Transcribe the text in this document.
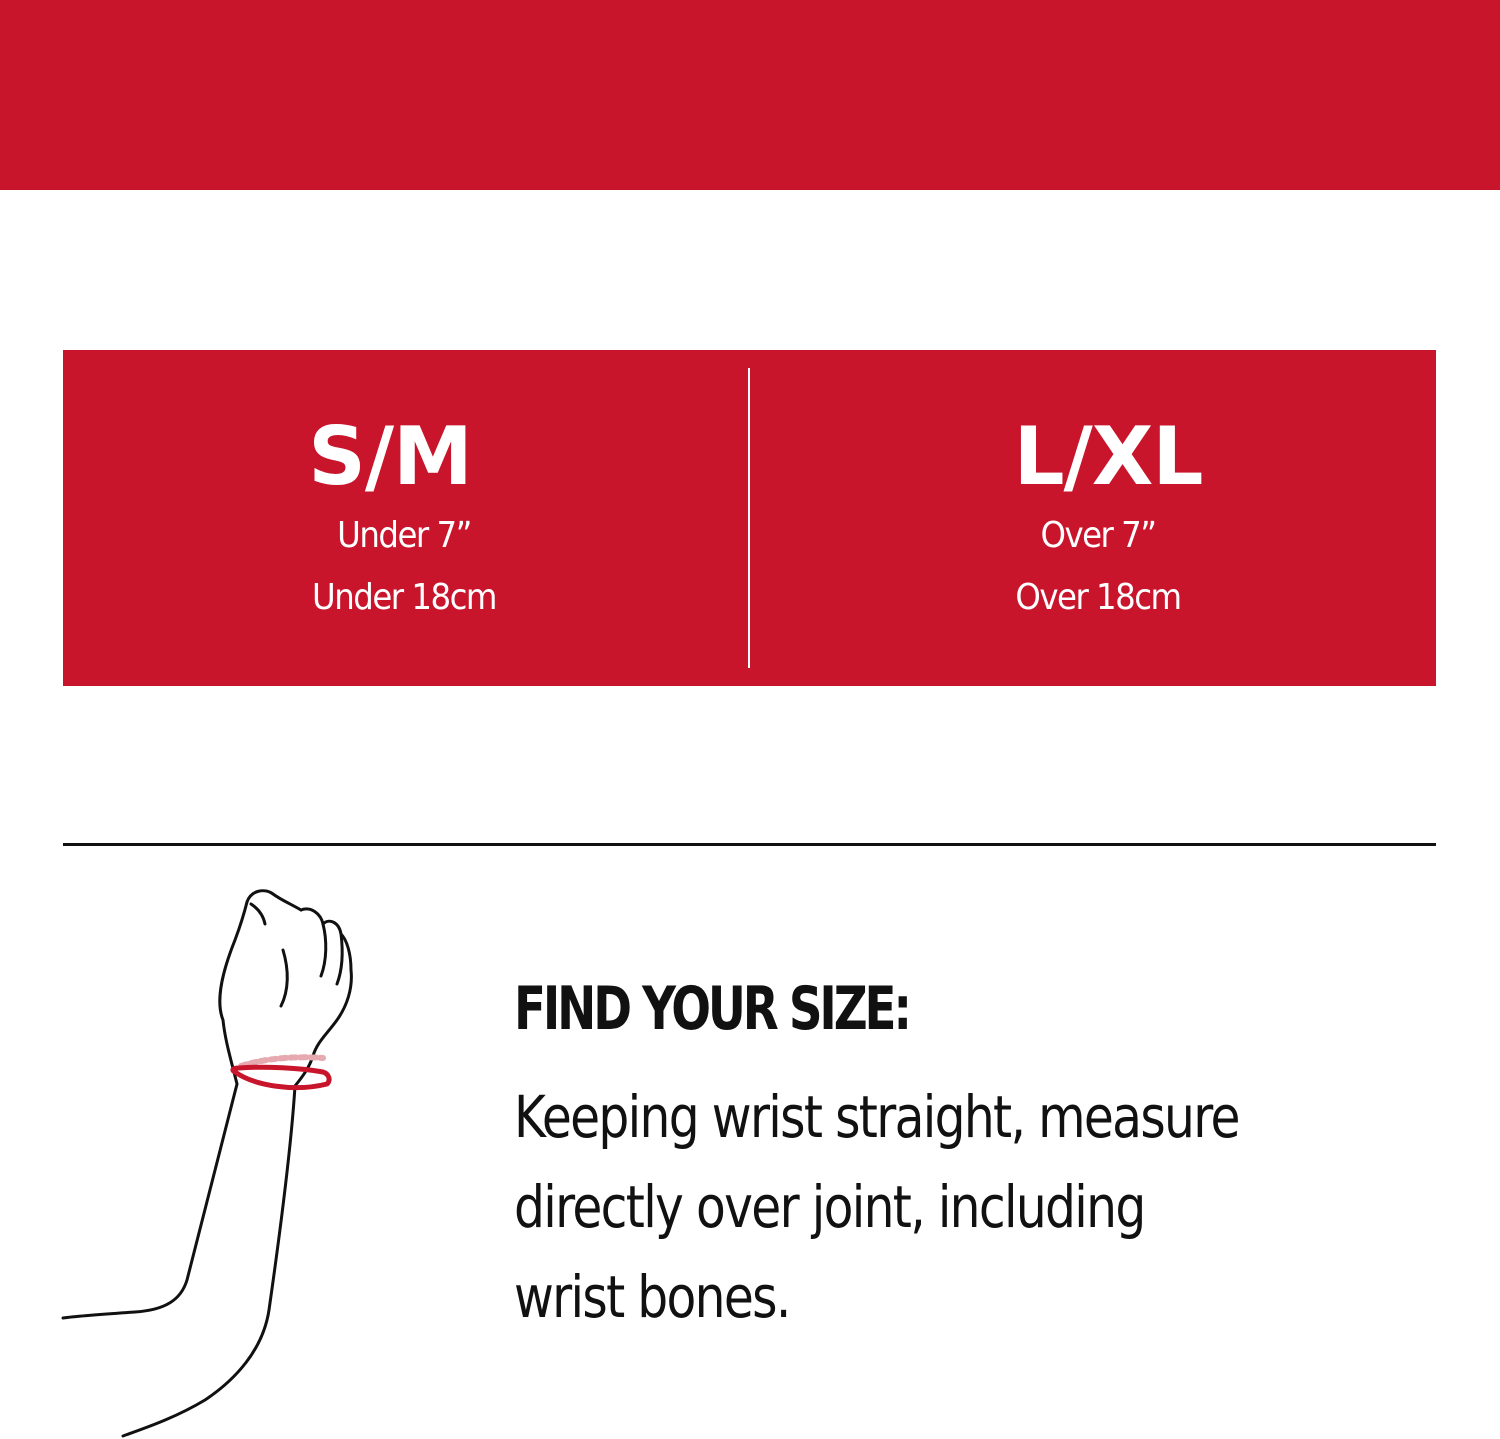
S/M
Under 7”
Under 18cm
L/XL
Over 7”
Over 18cm
FIND YOUR SIZE:
Keeping wrist straight, measure
directly over joint, including
wrist bones.
